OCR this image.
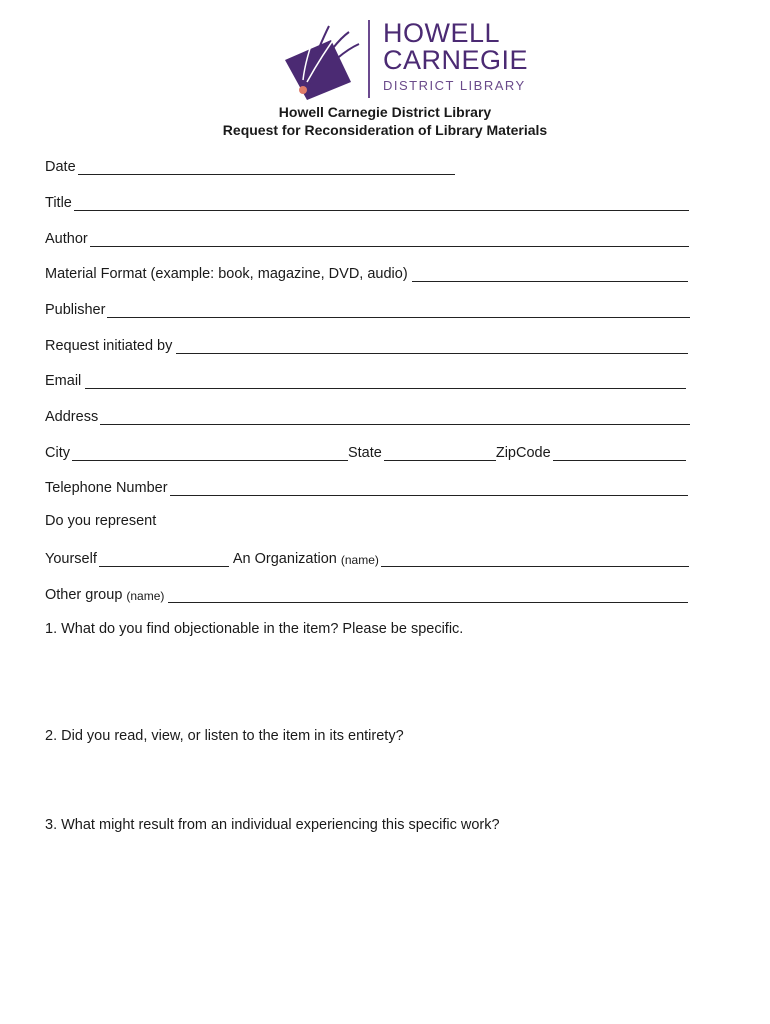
HOWELL
CARNEGIE
DISTRICT LIBRARY
Howell Carnegie District Library
Request for Reconsideration of Library Materials
Date
Title
Author
Material Format (example: book, magazine, DVD, audio)
Publisher
Request initiated by
Email
Address
City	State	ZipCode
Telephone Number
Do you represent
Yourself	An Organization (name)
Other group (name)
1. What do you find objectionable in the item? Please be specific.
2. Did you read, view, or listen to the item in its entirety?
3. What might result from an individual experiencing this specific work?
